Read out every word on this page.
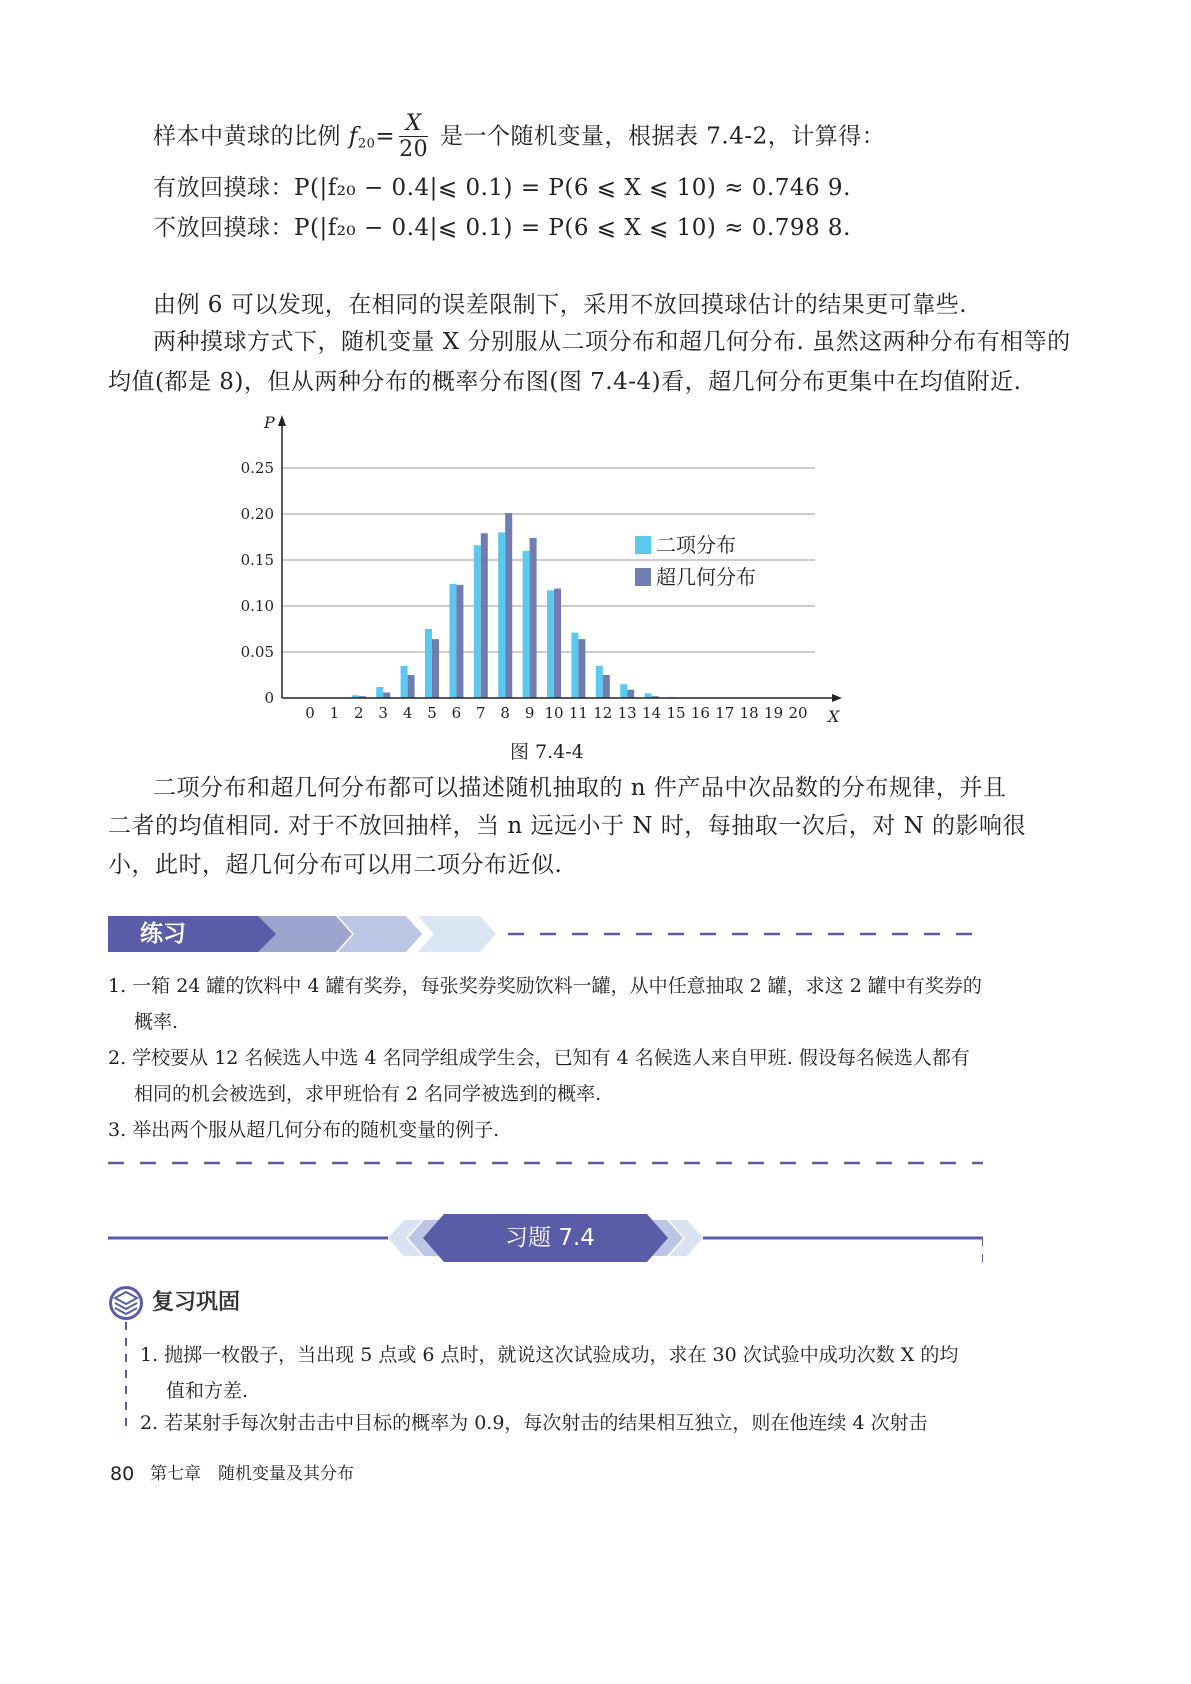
样本中黄球的比例 $f_{20}= \frac{X}{20}$ 是一个随机变量，根据表 7.4-2，计算得：
有放回摸球：P(|f₂₀ − 0.4|⩽ 0.1) = P(6 ⩽ X ⩽ 10) ≈ 0.746 9.
不放回摸球：P(|f₂₀ − 0.4|⩽ 0.1) = P(6 ⩽ X ⩽ 10) ≈ 0.798 8.
由例 6 可以发现，在相同的误差限制下，采用不放回摸球估计的结果更可靠些.
两种摸球方式下，随机变量 X 分别服从二项分布和超几何分布. 虽然这两种分布有相等的
均值(都是 8)，但从两种分布的概率分布图(图 7.4-4)看，超几何分布更集中在均值附近.
X
P
0
0.05
0.10
0.15
0.20
0.25
0 1 2 3 4 5 6 7 8 9 10 11 12 13 14 15 16 17 18 19 20
二项分布
超几何分布
图 7.4-4
二项分布和超几何分布都可以描述随机抽取的 n 件产品中次品数的分布规律，并且
二者的均值相同. 对于不放回抽样，当 n 远远小于 N 时，每抽取一次后，对 N 的影响很
小，此时，超几何分布可以用二项分布近似.
练习
1. 一箱 24 罐的饮料中 4 罐有奖券，每张奖券奖励饮料一罐，从中任意抽取 2 罐，求这 2 罐中有奖券的
概率.
2. 学校要从 12 名候选人中选 4 名同学组成学生会，已知有 4 名候选人来自甲班. 假设每名候选人都有
相同的机会被选到，求甲班恰有 2 名同学被选到的概率.
3. 举出两个服从超几何分布的随机变量的例子.
习题 7.4
复习巩固
1. 抛掷一枚骰子，当出现 5 点或 6 点时，就说这次试验成功，求在 30 次试验中成功次数 X 的均
值和方差.
2. 若某射手每次射击击中目标的概率为 0.9，每次射击的结果相互独立，则在他连续 4 次射击
80 第七章　随机变量及其分布
